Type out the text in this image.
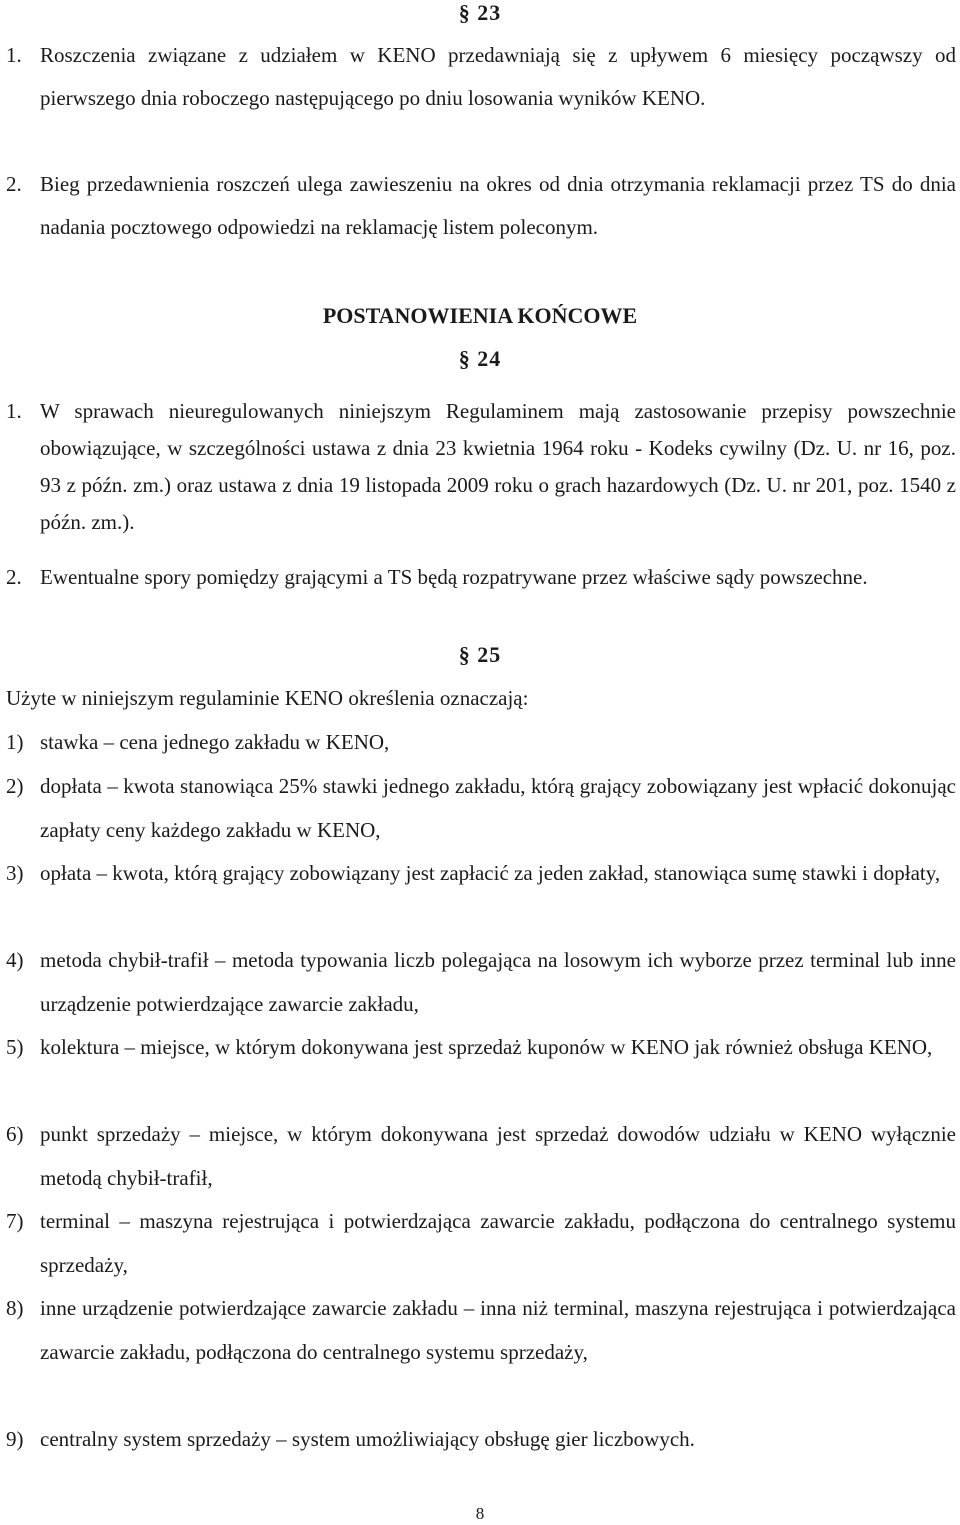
§ 23
1. Roszczenia związane z udziałem w KENO przedawniają się z upływem 6 miesięcy począwszy od pierwszego dnia roboczego następującego po dniu losowania wyników KENO.
2. Bieg przedawnienia roszczeń ulega zawieszeniu na okres od dnia otrzymania reklamacji przez TS do dnia nadania pocztowego odpowiedzi na reklamację listem poleconym.
POSTANOWIENIA KOŃCOWE
§ 24
1. W sprawach nieuregulowanych niniejszym Regulaminem mają zastosowanie przepisy powszechnie obowiązujące, w szczególności ustawa z dnia 23 kwietnia 1964 roku - Kodeks cywilny (Dz. U. nr 16, poz. 93 z późn. zm.) oraz ustawa z dnia 19 listopada 2009 roku o grach hazardowych (Dz. U. nr 201, poz. 1540 z późn. zm.).
2. Ewentualne spory pomiędzy grającymi a TS będą rozpatrywane przez właściwe sądy powszechne.
§ 25
Użyte w niniejszym regulaminie KENO określenia oznaczają:
1) stawka – cena jednego zakładu w KENO,
2) dopłata – kwota stanowiąca 25% stawki jednego zakładu, którą grający zobowiązany jest wpłacić dokonując zapłaty ceny każdego zakładu w KENO,
3) opłata – kwota, którą grający zobowiązany jest zapłacić za jeden zakład, stanowiąca sumę stawki i dopłaty,
4) metoda chybił-trafił – metoda typowania liczb polegająca na losowym ich wyborze przez terminal lub inne urządzenie potwierdzające zawarcie zakładu,
5) kolektura – miejsce, w którym dokonywana jest sprzedaż kuponów w KENO jak również obsługa KENO,
6) punkt sprzedaży – miejsce, w którym dokonywana jest sprzedaż dowodów udziału w KENO wyłącznie metodą chybił-trafił,
7) terminal – maszyna rejestrująca i potwierdzająca zawarcie zakładu, podłączona do centralnego systemu sprzedaży,
8) inne urządzenie potwierdzające zawarcie zakładu – inna niż terminal, maszyna rejestrująca i potwierdzająca zawarcie zakładu, podłączona do centralnego systemu sprzedaży,
9) centralny system sprzedaży – system umożliwiający obsługę gier liczbowych.
8
